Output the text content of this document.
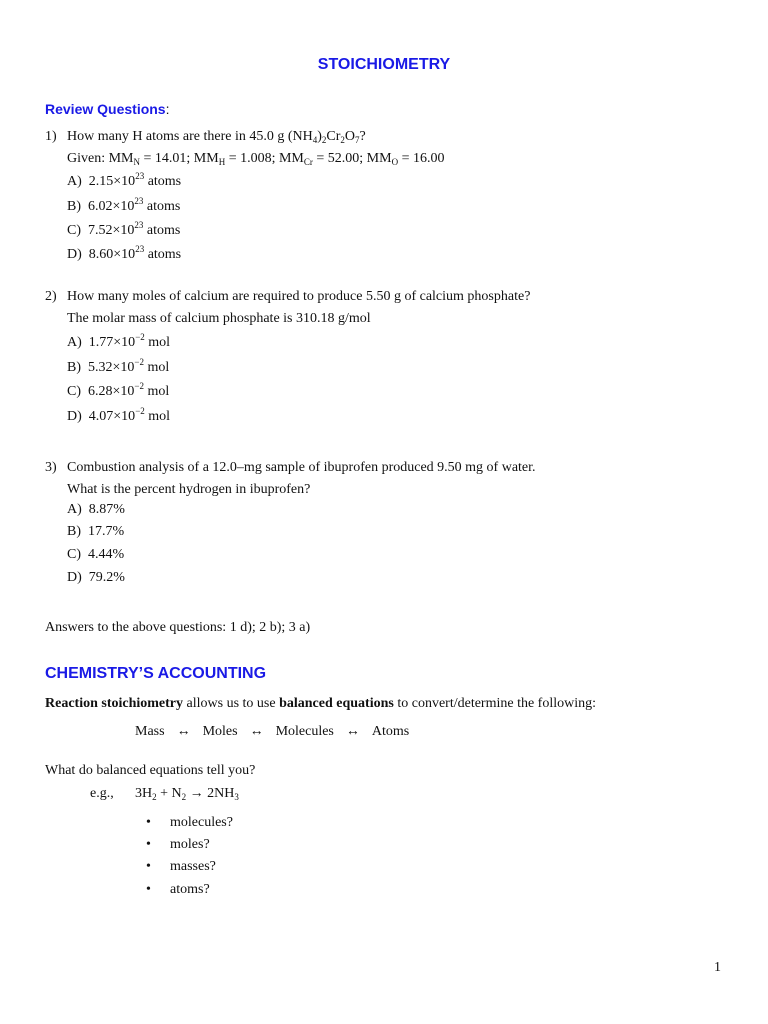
STOICHIOMETRY
Review Questions:
1) How many H atoms are there in 45.0 g $(NH_4)_2Cr_2O_7$?
Given: $MM_N = 14.01$; $MM_H = 1.008$; $MM_{Cr} = 52.00$; $MM_O = 16.00$
A) $2.15\times 10^{23}$ atoms
B) $6.02\times 10^{23}$ atoms
C) $7.52\times 10^{23}$ atoms
D) $8.60\times 10^{23}$ atoms
2) How many moles of calcium are required to produce 5.50 g of calcium phosphate?
The molar mass of calcium phosphate is 310.18 g/mol
A) $1.77\times 10^{-2}$ mol
B) $5.32\times 10^{-2}$ mol
C) $6.28\times 10^{-2}$ mol
D) $4.07\times 10^{-2}$ mol
3) Combustion analysis of a 12.0–mg sample of ibuprofen produced 9.50 mg of water.
What is the percent hydrogen in ibuprofen?
A) 8.87%
B) 17.7%
C) 4.44%
D) 79.2%
Answers to the above questions: 1 d); 2 b); 3 a)
CHEMISTRY’S ACCOUNTING
Reaction stoichiometry allows us to use balanced equations to convert/determine the following:
Mass ↔ Moles ↔ Molecules ↔ Atoms
What do balanced equations tell you?
e.g., $3H_2 + N_2 \to 2NH_3$
• molecules?
• moles?
• masses?
• atoms?
1
